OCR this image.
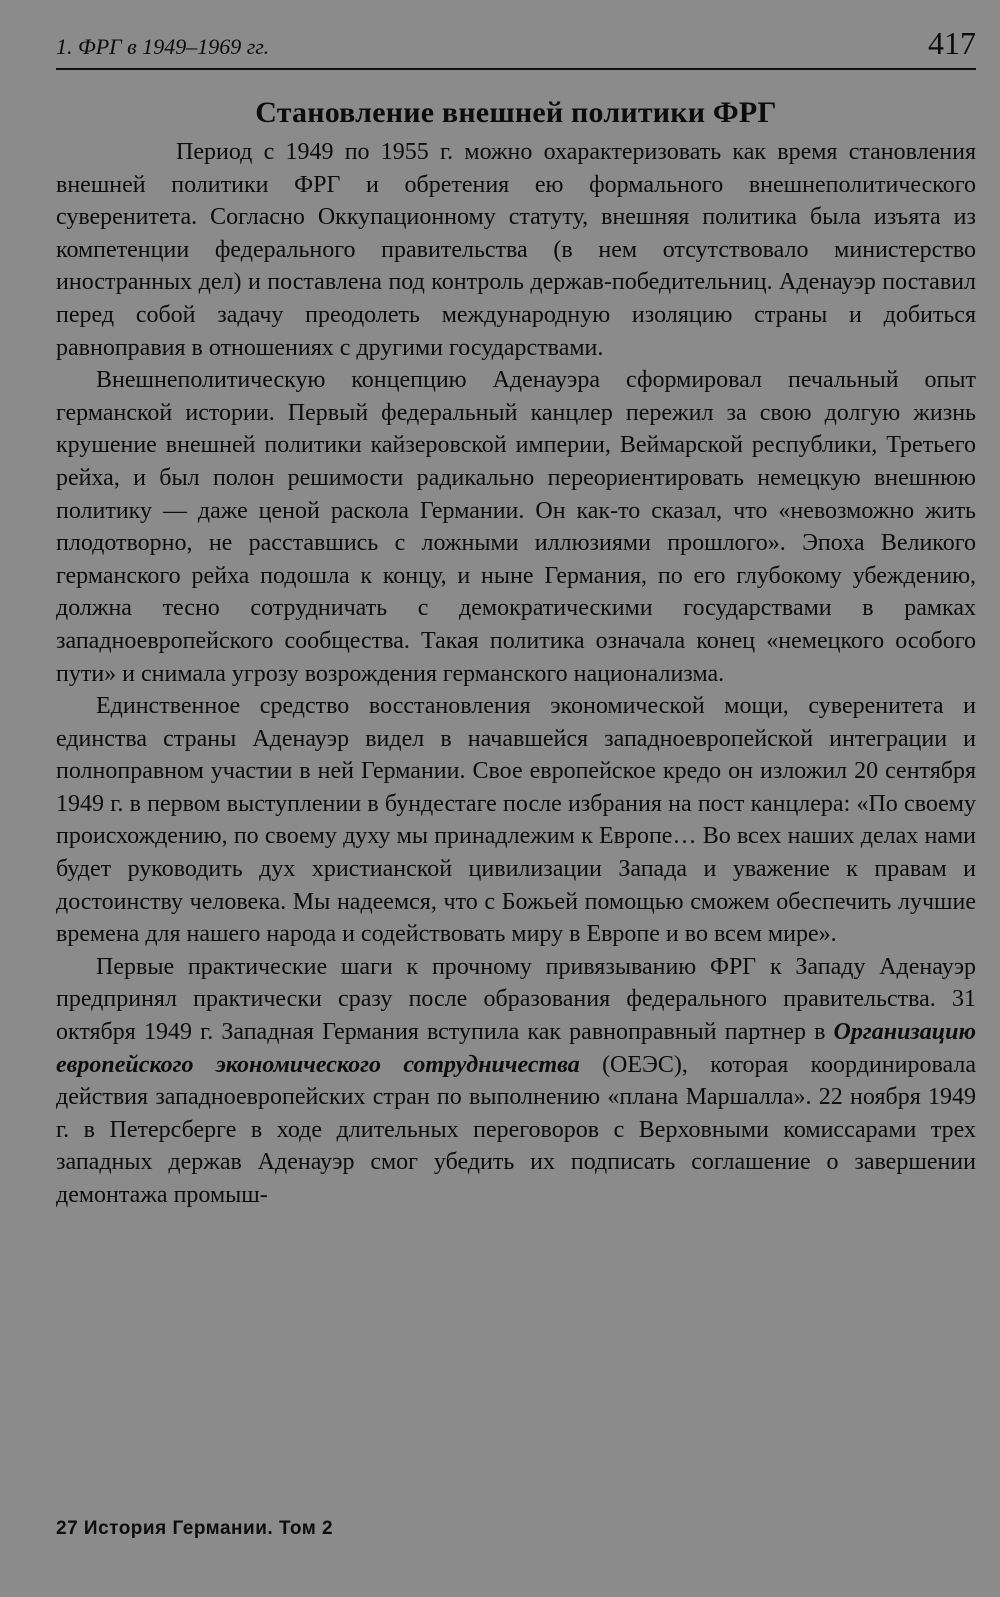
1. ФРГ в 1949–1969 гг.	417
Становление внешней политики ФРГ

Период с 1949 по 1955 г. можно охарактеризовать как время становления внешней политики ФРГ и обретения ею формального внешнеполитического суверенитета. Согласно Оккупационному статуту, внешняя политика была изъята из компетенции федерального правительства (в нем отсутствовало министерство иностранных дел) и поставлена под контроль держав-победительниц. Аденауэр поставил перед собой задачу преодолеть международную изоляцию страны и добиться равноправия в отношениях с другими государствами.

Внешнеполитическую концепцию Аденауэра сформировал печальный опыт германской истории. Первый федеральный канцлер пережил за свою долгую жизнь крушение внешней политики кайзеровской империи, Веймарской республики, Третьего рейха, и был полон решимости радикально переориентировать немецкую внешнюю политику — даже ценой раскола Германии. Он как-то сказал, что «невозможно жить плодотворно, не расставшись с ложными иллюзиями прошлого». Эпоха Великого германского рейха подошла к концу, и ныне Германия, по его глубокому убеждению, должна тесно сотрудничать с демократическими государствами в рамках западноевропейского сообщества. Такая политика означала конец «немецкого особого пути» и снимала угрозу возрождения германского национализма.

Единственное средство восстановления экономической мощи, суверенитета и единства страны Аденауэр видел в начавшейся западноевропейской интеграции и полноправном участии в ней Германии. Свое европейское кредо он изложил 20 сентября 1949 г. в первом выступлении в бундестаге после избрания на пост канцлера: «По своему происхождению, по своему духу мы принадлежим к Европе… Во всех наших делах нами будет руководить дух христианской цивилизации Запада и уважение к правам и достоинству человека. Мы надеемся, что с Божьей помощью сможем обеспечить лучшие времена для нашего народа и содействовать миру в Европе и во всем мире».

Первые практические шаги к прочному привязыванию ФРГ к Западу Аденауэр предпринял практически сразу после образования федерального правительства. 31 октября 1949 г. Западная Германия вступила как равноправный партнер в Организацию европейского экономического сотрудничества (ОЕЭС), которая координировала действия западноевропейских стран по выполнению «плана Маршалла». 22 ноября 1949 г. в Петерсберге в ходе длительных переговоров с Верховными комиссарами трех западных держав Аденауэр смог убедить их подписать соглашение о завершении демонтажа промыш-

27 История Германии. Том 2
